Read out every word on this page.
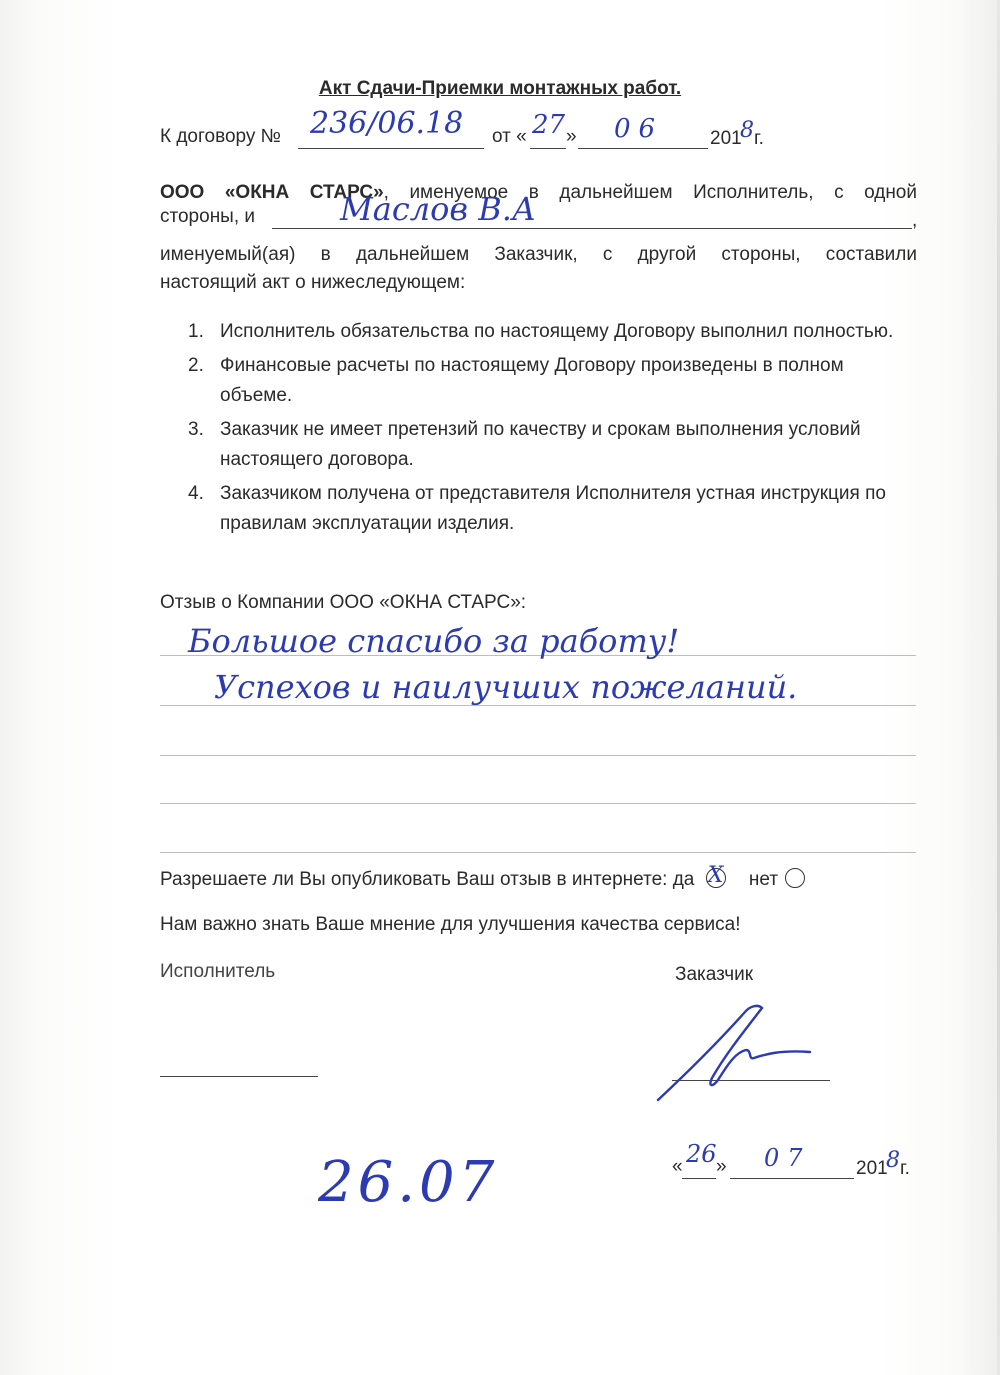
Акт Сдачи-Приемки монтажных работ.
К договору № 236/06.18 от « 27 » 06 201
8 г.
ООО «ОКНА СТАРС», именуемое в дальнейшем Исполнитель, с одной
стороны, и	Маслов В.А	,
именуемый(ая) в дальнейшем Заказчик, с другой стороны, составили
настоящий акт о нижеследующем:
1. Исполнитель обязательства по настоящему Договору выполнил полностью.
2. Финансовые расчеты по настоящему Договору произведены в полном объеме.
3. Заказчик не имеет претензий по качеству и срокам выполнения условий настоящего договора.
4. Заказчиком получена от представителя Исполнителя устная инструкция по правилам эксплуатации изделия.
Отзыв о Компании ООО «ОКНА СТАРС»:
Большое спасибо за работу!
Успехов и наилучших пожеланий.
Разрешаете ли Вы опубликовать Ваш отзыв в интернете: да X нет
Нам важно знать Ваше мнение для улучшения качества сервиса!
Исполнитель	Заказчик
« 26 » 07 201
8 г.
26.07
